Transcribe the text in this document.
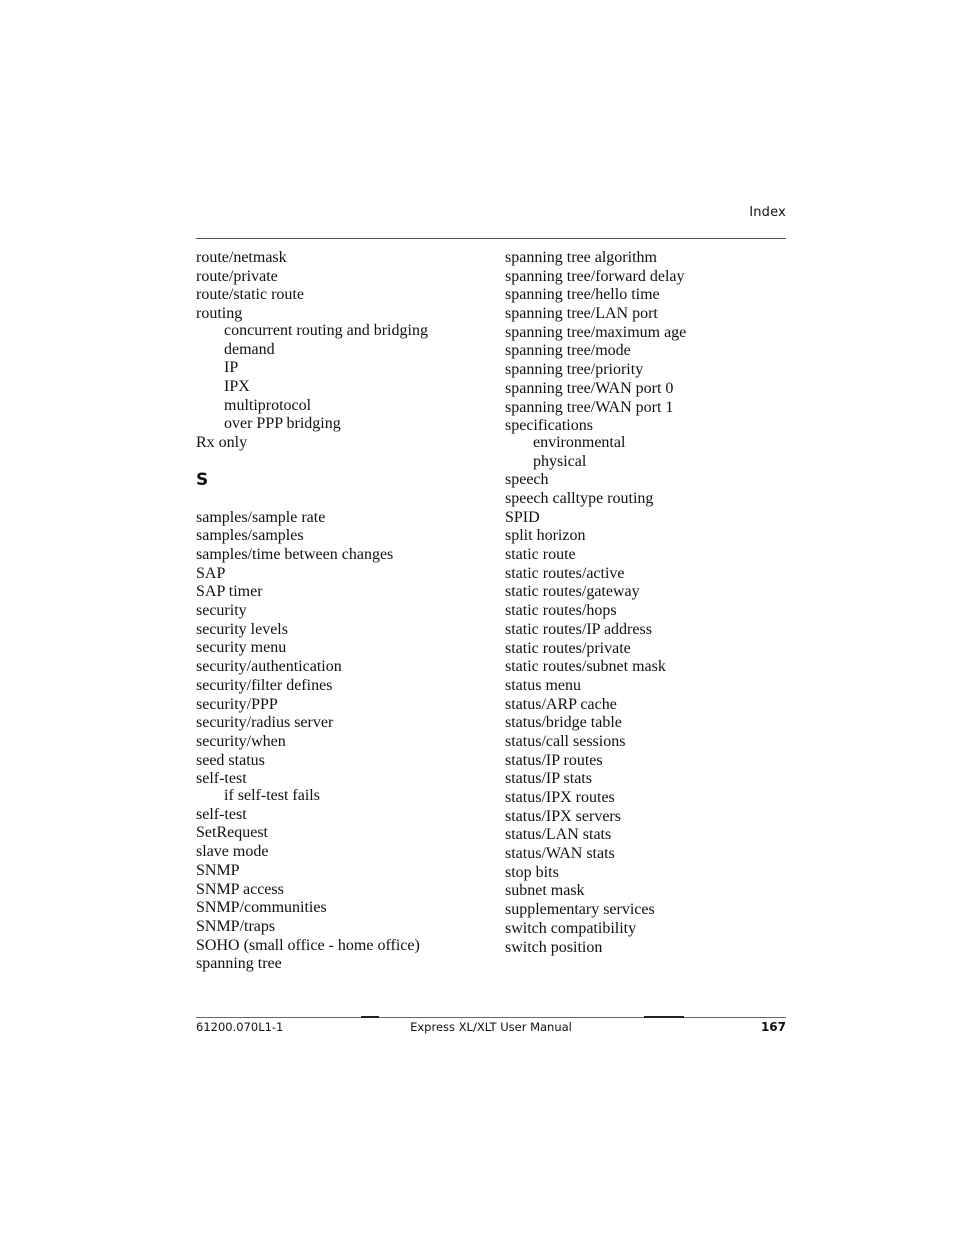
Index
route/netmask
route/private
route/static route
routing
concurrent routing and bridging
demand
IP
IPX
multiprotocol
over PPP bridging
Rx only
S
samples/sample rate
samples/samples
samples/time between changes
SAP
SAP timer
security
security levels
security menu
security/authentication
security/filter defines
security/PPP
security/radius server
security/when
seed status
self-test
if self-test fails
self-test
SetRequest
slave mode
SNMP
SNMP access
SNMP/communities
SNMP/traps
SOHO (small office - home office)
spanning tree
spanning tree algorithm
spanning tree/forward delay
spanning tree/hello time
spanning tree/LAN port
spanning tree/maximum age
spanning tree/mode
spanning tree/priority
spanning tree/WAN port 0
spanning tree/WAN port 1
specifications
environmental
physical
speech
speech calltype routing
SPID
split horizon
static route
static routes/active
static routes/gateway
static routes/hops
static routes/IP address
static routes/private
static routes/subnet mask
status menu
status/ARP cache
status/bridge table
status/call sessions
status/IP routes
status/IP stats
status/IPX routes
status/IPX servers
status/LAN stats
status/WAN stats
stop bits
subnet mask
supplementary services
switch compatibility
switch position
61200.070L1-1	Express XL/XLT User Manual	167
